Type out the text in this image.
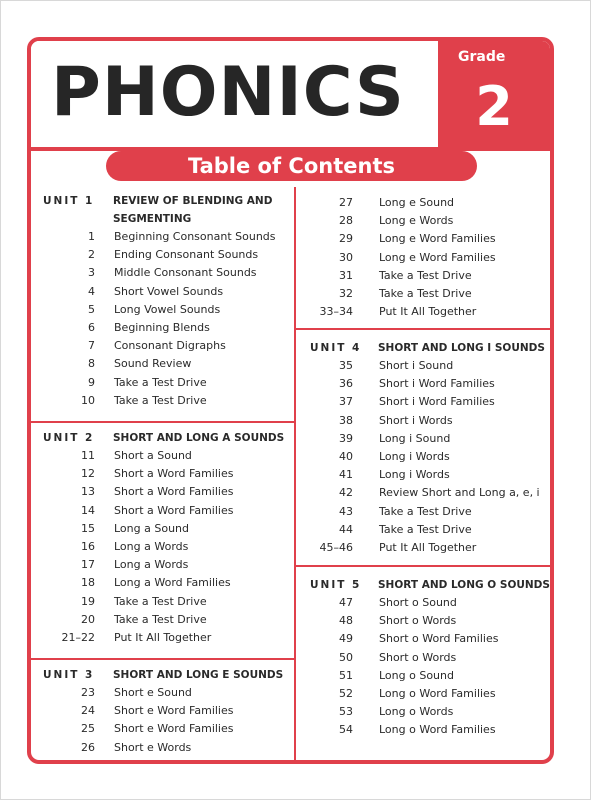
PHONICS	Grade
2
Table of Contents
UNIT 1 REVIEW OF BLENDING AND
SEGMENTING
1 Beginning Consonant Sounds
2 Ending Consonant Sounds
3 Middle Consonant Sounds
4 Short Vowel Sounds
5 Long Vowel Sounds
6 Beginning Blends
7 Consonant Digraphs
8 Sound Review
9 Take a Test Drive
10 Take a Test Drive
UNIT 2 SHORT AND LONG A SOUNDS
11 Short a Sound
12 Short a Word Families
13 Short a Word Families
14 Short a Word Families
15 Long a Sound
16 Long a Words
17 Long a Words
18 Long a Word Families
19 Take a Test Drive
20 Take a Test Drive
21–22 Put It All Together
UNIT 3 SHORT AND LONG E SOUNDS
23 Short e Sound
24 Short e Word Families
25 Short e Word Families
26 Short e Words
27 Long e Sound
28 Long e Words
29 Long e Word Families
30 Long e Word Families
31 Take a Test Drive
32 Take a Test Drive
33–34 Put It All Together
UNIT 4 SHORT AND LONG I SOUNDS
35 Short i Sound
36 Short i Word Families
37 Short i Word Families
38 Short i Words
39 Long i Sound
40 Long i Words
41 Long i Words
42 Review Short and Long a, e, i
43 Take a Test Drive
44 Take a Test Drive
45–46 Put It All Together
UNIT 5 SHORT AND LONG O SOUNDS
47 Short o Sound
48 Short o Words
49 Short o Word Families
50 Short o Words
51 Long o Sound
52 Long o Word Families
53 Long o Words
54 Long o Word Families
